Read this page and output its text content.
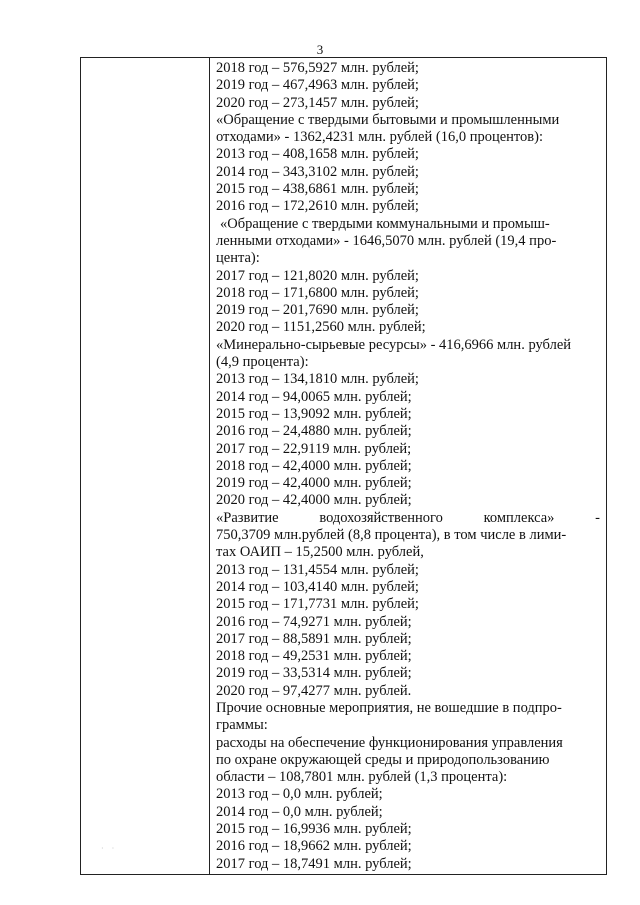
3
· ·
2018 год – 576,5927 млн. рублей;
2019 год – 467,4963 млн. рублей;
2020 год – 273,1457 млн. рублей;
«Обращение с твердыми бытовыми и промышленными
отходами» - 1362,4231 млн. рублей (16,0 процентов):
2013 год – 408,1658 млн. рублей;
2014 год – 343,3102 млн. рублей;
2015 год – 438,6861 млн. рублей;
2016 год – 172,2610 млн. рублей;
«Обращение с твердыми коммунальными и промыш-
ленными отходами» - 1646,5070 млн. рублей (19,4 про-
цента):
2017 год – 121,8020 млн. рублей;
2018 год – 171,6800 млн. рублей;
2019 год – 201,7690 млн. рублей;
2020 год – 1151,2560 млн. рублей;
«Минерально-сырьевые ресурсы» - 416,6966 млн. рублей
(4,9 процента):
2013 год – 134,1810 млн. рублей;
2014 год – 94,0065 млн. рублей;
2015 год – 13,9092 млн. рублей;
2016 год – 24,4880 млн. рублей;
2017 год – 22,9119 млн. рублей;
2018 год – 42,4000 млн. рублей;
2019 год – 42,4000 млн. рублей;
2020 год – 42,4000 млн. рублей;
«Развитие	водохозяйственного	комплекса»	-
750,3709 млн.рублей (8,8 процента), в том числе в лими-
тах ОАИП – 15,2500 млн. рублей,
2013 год – 131,4554 млн. рублей;
2014 год – 103,4140 млн. рублей;
2015 год – 171,7731 млн. рублей;
2016 год – 74,9271 млн. рублей;
2017 год – 88,5891 млн. рублей;
2018 год – 49,2531 млн. рублей;
2019 год – 33,5314 млн. рублей;
2020 год – 97,4277 млн. рублей.
Прочие основные мероприятия, не вошедшие в подпро-
граммы:
расходы на обеспечение функционирования управления
по охране окружающей среды и природопользованию
области – 108,7801 млн. рублей (1,3 процента):
2013 год – 0,0 млн. рублей;
2014 год – 0,0 млн. рублей;
2015 год – 16,9936 млн. рублей;
2016 год – 18,9662 млн. рублей;
2017 год – 18,7491 млн. рублей;
